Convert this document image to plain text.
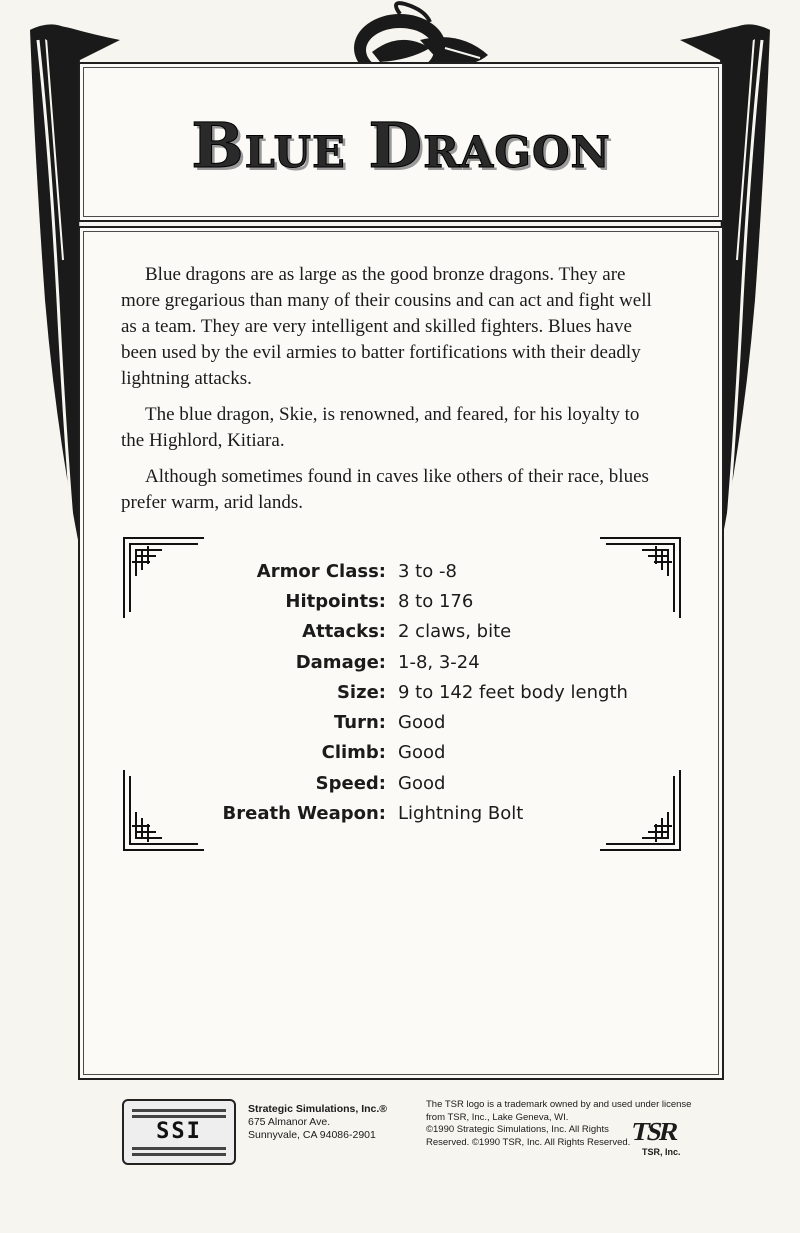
Blue Dragon

Blue dragons are as large as the good bronze dragons. They are more gregarious than many of their cousins and can act and fight well as a team. They are very intelligent and skilled fighters. Blues have been used by the evil armies to batter fortifications with their deadly lightning attacks.

The blue dragon, Skie, is renowned, and feared, for his loyalty to the Highlord, Kitiara.

Although sometimes found in caves like others of their race, blues prefer warm, arid lands.

Armor Class: 3 to -8
Hitpoints: 8 to 176
Attacks: 2 claws, bite
Damage: 1-8, 3-24
Size: 9 to 142 feet body length
Turn: Good
Climb: Good
Speed: Good
Breath Weapon: Lightning Bolt
SSI
Strategic Simulations, Inc.®
675 Almanor Ave.
Sunnyvale, CA 94086-2901
The TSR logo is a trademark owned by and used under license
from TSR, Inc., Lake Geneva, WI.
©1990 Strategic Simulations, Inc. All Rights
Reserved. ©1990 TSR, Inc. All Rights Reserved.
TSR
TSR, Inc.
